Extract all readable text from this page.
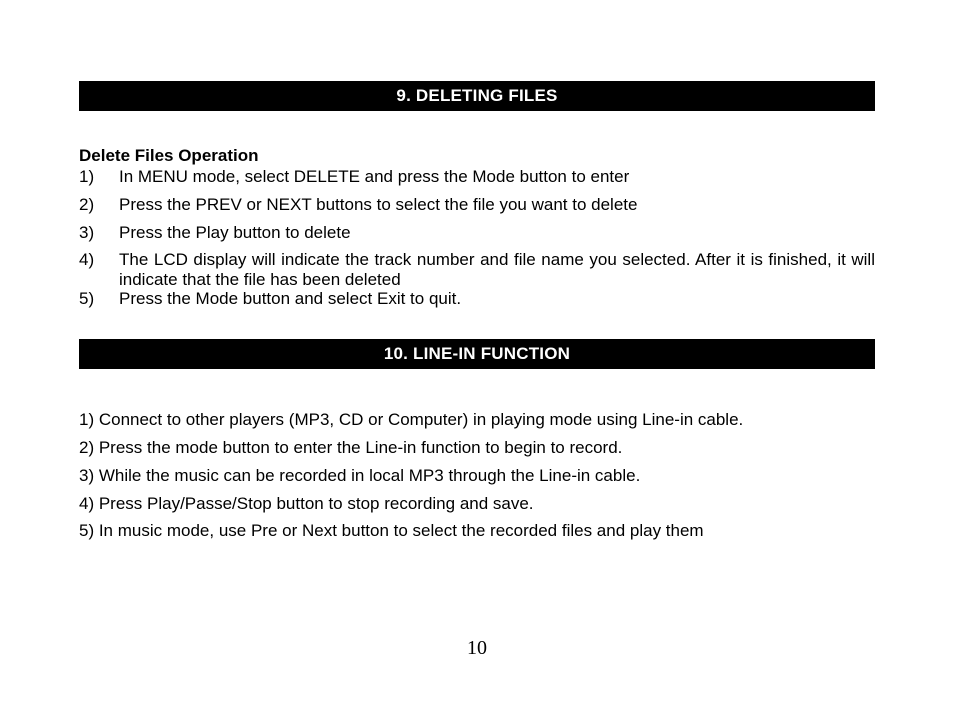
9. DELETING FILES
Delete Files Operation
1) In MENU mode, select DELETE and press the Mode button to enter
2) Press the PREV or NEXT buttons to select the file you want to delete
3) Press the Play button to delete
4) The LCD display will indicate the track number and file name you selected. After it is finished, it will indicate that the file has been deleted
5) Press the Mode button and select Exit to quit.
10. LINE-IN FUNCTION
1) Connect to other players (MP3, CD or Computer) in playing mode using Line-in cable.
2) Press the mode button to enter the Line-in function to begin to record.
3) While the music can be recorded in local MP3 through the Line-in cable.
4) Press Play/Passe/Stop button to stop recording and save.
5) In music mode, use Pre or Next button to select the recorded files and play them
10
